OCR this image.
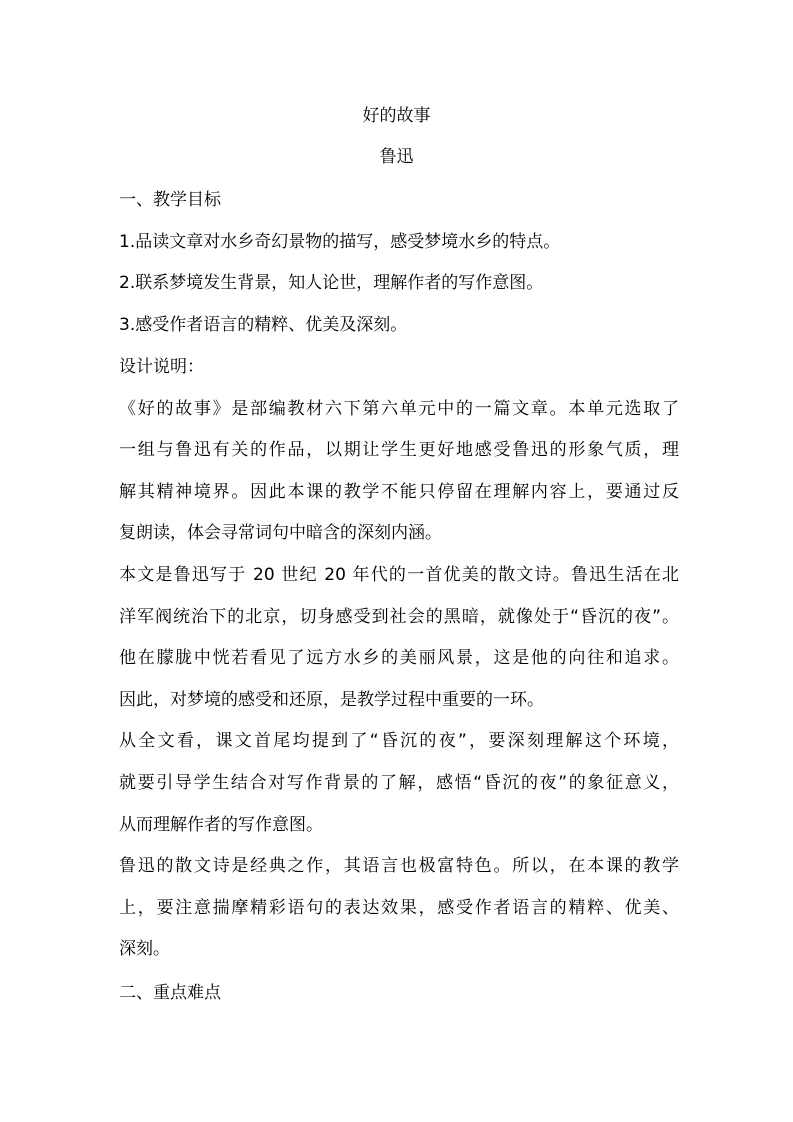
好的故事
鲁迅
一、教学目标
1.品读文章对水乡奇幻景物的描写，感受梦境水乡的特点。
2.联系梦境发生背景，知人论世，理解作者的写作意图。
3.感受作者语言的精粹、优美及深刻。
设计说明：
《好的故事》是部编教材六下第六单元中的一篇文章。本单元选取了
一组与鲁迅有关的作品，以期让学生更好地感受鲁迅的形象气质，理
解其精神境界。因此本课的教学不能只停留在理解内容上，要通过反
复朗读，体会寻常词句中暗含的深刻内涵。
本文是鲁迅写于 20 世纪 20 年代的一首优美的散文诗。鲁迅生活在北
洋军阀统治下的北京，切身感受到社会的黑暗，就像处于“昏沉的夜”。
他在朦胧中恍若看见了远方水乡的美丽风景，这是他的向往和追求。
因此，对梦境的感受和还原，是教学过程中重要的一环。
从全文看，课文首尾均提到了“昏沉的夜”，要深刻理解这个环境，
就要引导学生结合对写作背景的了解，感悟“昏沉的夜”的象征意义，
从而理解作者的写作意图。
鲁迅的散文诗是经典之作，其语言也极富特色。所以，在本课的教学
上，要注意揣摩精彩语句的表达效果，感受作者语言的精粹、优美、
深刻。
二、重点难点
